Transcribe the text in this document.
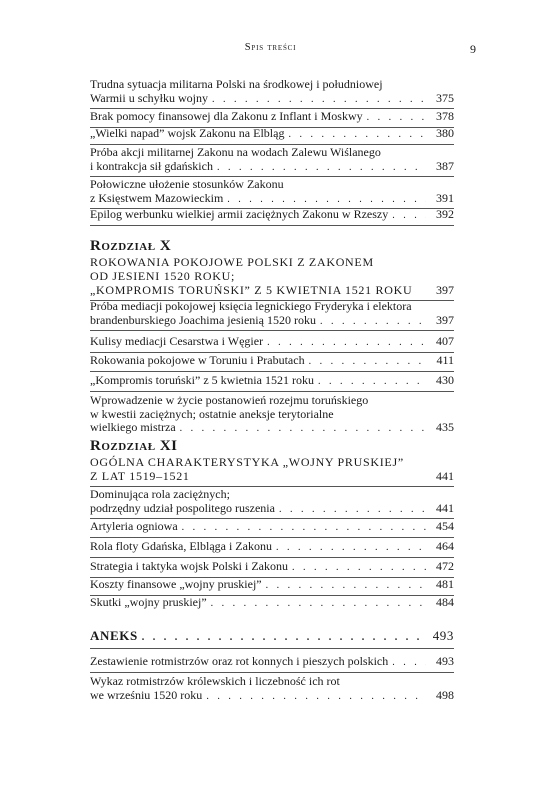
Spis treści	9
Trudna sytuacja militarna Polski na środkowej i południowej
Warmii u schyłku wojny . . .	375
Brak pomocy finansowej dla Zakonu z Inflant i Moskwy . . .	378
„Wielki napad” wojsk Zakonu na Elbląg . . .	380
Próba akcji militarnej Zakonu na wodach Zalewu Wiślanego
i kontrakcja sił gdańskich . . .	387
Połowiczne ułożenie stosunków Zakonu
z Księstwem Mazowieckim . . .	391
Epilog werbunku wielkiej armii zaciężnych Zakonu w Rzeszy . . .	392
Rozdział X
ROKOWANIA POKOJOWE POLSKI Z ZAKONEM
OD JESIENI 1520 ROKU;
„KOMPROMIS TORUŃSKI” Z 5 KWIETNIA 1521 ROKU 397
Próba mediacji pokojowej księcia legnickiego Fryderyka i elektora
brandenburskiego Joachima jesienią 1520 roku . . .	397
Kulisy mediacji Cesarstwa i Węgier . . .	407
Rokowania pokojowe w Toruniu i Prabutach . . .	411
„Kompromis toruński” z 5 kwietnia 1521 roku . . .	430
Wprowadzenie w życie postanowień rozejmu toruńskiego
w kwestii zaciężnych; ostatnie aneksje terytorialne
wielkiego mistrza . . .	435
Rozdział XI
OGÓLNA CHARAKTERYSTYKA „WOJNY PRUSKIEJ”
Z LAT 1519–1521	441
Dominująca rola zaciężnych;
podrzędny udział pospolitego ruszenia . . .	441
Artyleria ogniowa . . .	454
Rola floty Gdańska, Elbląga i Zakonu . . .	464
Strategia i taktyka wojsk Polski i Zakonu . . .	472
Koszty finansowe „wojny pruskiej” . . .	481
Skutki „wojny pruskiej” . . .	484
ANEKS . . .	493
Zestawienie rotmistrzów oraz rot konnych i pieszych polskich . . .	493
Wykaz rotmistrzów królewskich i liczebność ich rot
we wrześniu 1520 roku . . .	498
